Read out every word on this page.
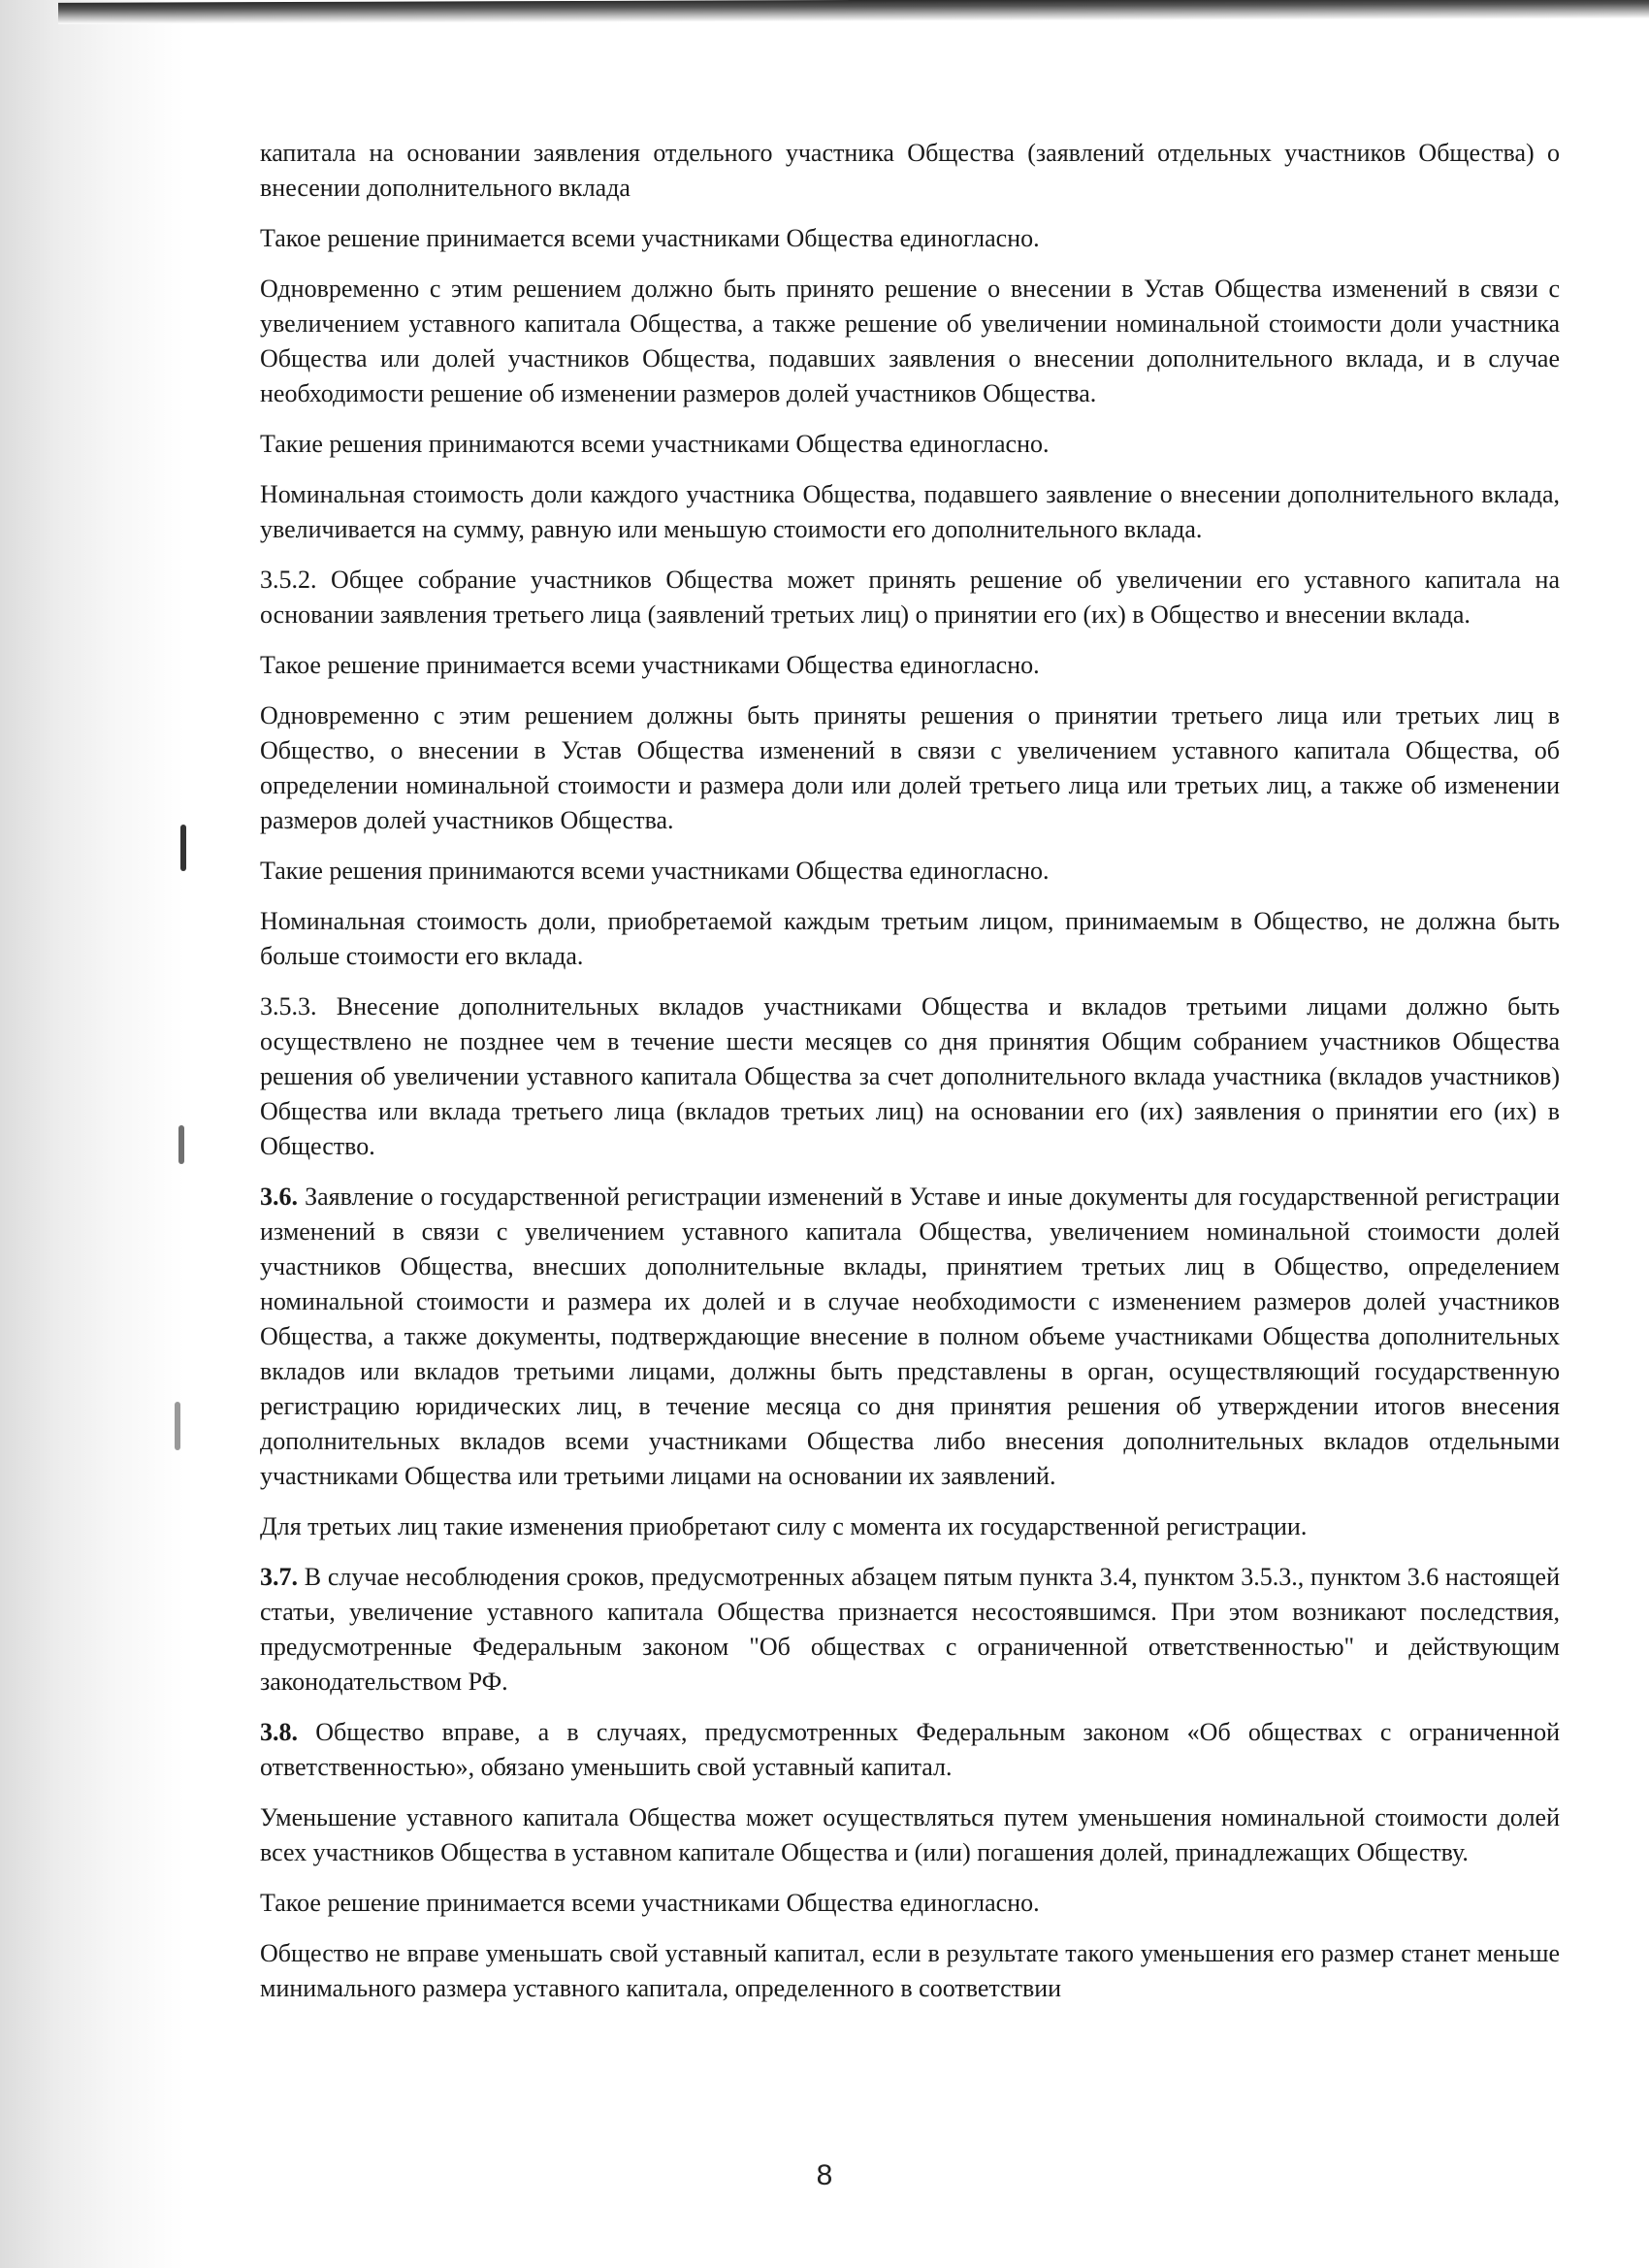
капитала на основании заявления отдельного участника Общества (заявлений отдельных участников Общества) о внесении дополнительного вклада

Такое решение принимается всеми участниками Общества единогласно.

Одновременно с этим решением должно быть принято решение о внесении в Устав Общества изменений в связи с увеличением уставного капитала Общества, а также решение об увеличении номинальной стоимости доли участника Общества или долей участников Общества, подавших заявления о внесении дополнительного вклада, и в случае необходимости решение об изменении размеров долей участников Общества.

Такие решения принимаются всеми участниками Общества единогласно.

Номинальная стоимость доли каждого участника Общества, подавшего заявление о внесении дополнительного вклада, увеличивается на сумму, равную или меньшую стоимости его дополнительного вклада.

3.5.2. Общее собрание участников Общества может принять решение об увеличении его уставного капитала на основании заявления третьего лица (заявлений третьих лиц) о принятии его (их) в Общество и внесении вклада.

Такое решение принимается всеми участниками Общества единогласно.

Одновременно с этим решением должны быть приняты решения о принятии третьего лица или третьих лиц в Общество, о внесении в Устав Общества изменений в связи с увеличением уставного капитала Общества, об определении номинальной стоимости и размера доли или долей третьего лица или третьих лиц, а также об изменении размеров долей участников Общества.

Такие решения принимаются всеми участниками Общества единогласно.

Номинальная стоимость доли, приобретаемой каждым третьим лицом, принимаемым в Общество, не должна быть больше стоимости его вклада.

3.5.3. Внесение дополнительных вкладов участниками Общества и вкладов третьими лицами должно быть осуществлено не позднее чем в течение шести месяцев со дня принятия Общим собранием участников Общества решения об увеличении уставного капитала Общества за счет дополнительного вклада участника (вкладов участников) Общества или вклада третьего лица (вкладов третьих лиц) на основании его (их) заявления о принятии его (их) в Общество.

3.6. Заявление о государственной регистрации изменений в Уставе и иные документы для государственной регистрации изменений в связи с увеличением уставного капитала Общества, увеличением номинальной стоимости долей участников Общества, внесших дополнительные вклады, принятием третьих лиц в Общество, определением номинальной стоимости и размера их долей и в случае необходимости с изменением размеров долей участников Общества, а также документы, подтверждающие внесение в полном объеме участниками Общества дополнительных вкладов или вкладов третьими лицами, должны быть представлены в орган, осуществляющий государственную регистрацию юридических лиц, в течение месяца со дня принятия решения об утверждении итогов внесения дополнительных вкладов всеми участниками Общества либо внесения дополнительных вкладов отдельными участниками Общества или третьими лицами на основании их заявлений.

Для третьих лиц такие изменения приобретают силу с момента их государственной регистрации.

3.7. В случае несоблюдения сроков, предусмотренных абзацем пятым пункта 3.4, пунктом 3.5.3., пунктом 3.6 настоящей статьи, увеличение уставного капитала Общества признается несостоявшимся. При этом возникают последствия, предусмотренные Федеральным законом "Об обществах с ограниченной ответственностью" и действующим законодательством РФ.

3.8. Общество вправе, а в случаях, предусмотренных Федеральным законом «Об обществах с ограниченной ответственностью», обязано уменьшить свой уставный капитал.

Уменьшение уставного капитала Общества может осуществляться путем уменьшения номинальной стоимости долей всех участников Общества в уставном капитале Общества и (или) погашения долей, принадлежащих Обществу.

Такое решение принимается всеми участниками Общества единогласно.

Общество не вправе уменьшать свой уставный капитал, если в результате такого уменьшения его размер станет меньше минимального размера уставного капитала, определенного в соответствии

8
